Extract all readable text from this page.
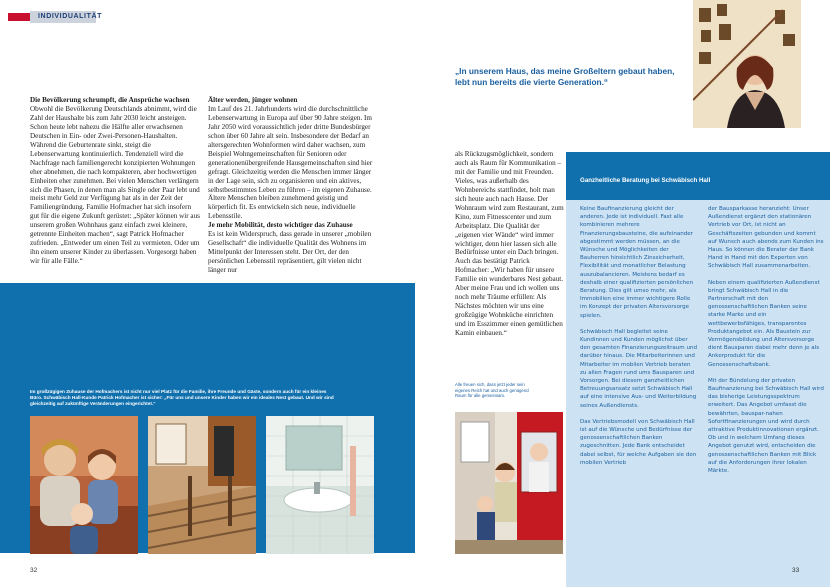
INDIVIDUALITÄT
Die Bevölkerung schrumpft, die Ansprüche wachsen

Obwohl die Bevölkerung Deutschlands abnimmt, wird die Zahl der Haushalte bis zum Jahr 2030 leicht ansteigen. Schon heute lebt nahezu die Hälfte aller erwachsenen Deutschen in Ein- oder Zwei-Personen-Haushalten. Während die Geburtenrate sinkt, steigt die Lebenserwartung kontinuierlich. Tendenziell wird die Nachfrage nach familiengerecht konzipierten Wohnungen eher abnehmen, die nach kompakteren, aber hochwertigen Einheiten eher zunehmen. Bei vielen Menschen verlängern sich die Phasen, in denen man als Single oder Paar lebt und meist mehr Geld zur Verfügung hat als in der Zeit der Familiengründung. Familie Hofmacher hat sich insofern gut für die eigene Zukunft gerüstet: „Später können wir aus unserem großen Wohnhaus ganz einfach zwei kleinere, getrennte Einheiten machen“, sagt Patrick Hofmacher zufrieden. „Entweder um einen Teil zu vermieten. Oder um ihn einem unserer Kinder zu überlassen. Vorgesorgt haben wir für alle Fälle.“

Älter werden, jünger wohnen

Im Lauf des 21. Jahrhunderts wird die durchschnittliche Lebenserwartung in Europa auf über 90 Jahre steigen. Im Jahr 2050 wird voraussichtlich jeder dritte Bundesbürger schon über 60 Jahre alt sein. Insbesondere der Bedarf an altersgerechten Wohnformen wird daher wachsen, zum Beispiel Wohngemeinschaften für Senioren oder generationenübergreifende Hausgemeinschaften sind hier gefragt. Gleichzeitig werden die Menschen immer länger in der Lage sein, sich zu organisieren und ein aktives, selbstbestimmtes Leben zu führen – im eigenen Zuhause. Ältere Menschen bleiben zunehmend geistig und körperlich fit. Es entwickeln sich neue, individuelle Lebensstile.

Je mehr Mobilität, desto wichtiger das Zuhause

Es ist kein Widerspruch, dass gerade in unserer „mobilen Gesellschaft“ die individuelle Qualität des Wohnens im Mittelpunkt der Interessen steht. Der Ort, der den persönlichen Lebensstil repräsentiert, gilt vielen nicht länger nur

Im großzügigen Zuhause der Hofmachers ist nicht nur viel Platz für die Familie, ihre Freunde und Gäste, sondern auch für ein kleines Büro. Schwäbisch Hall-Kunde Patrick Hofmacher ist sicher: „Für uns und unsere Kinder haben wir ein ideales Nest gebaut. Und wir sind gleichzeitig auf zukünftige Veränderungen eingerichtet.“
32
„In unserem Haus, das meine Großeltern gebaut haben, lebt nun bereits die vierte Generation.“

als Rückzugsmöglichkeit, sondern auch als Raum für Kommunikation – mit der Familie und mit Freunden. Vieles, was außerhalb des Wohnbereichs stattfindet, holt man sich heute auch nach Hause. Der Wohnraum wird zum Restaurant, zum Kino, zum Fitnesscenter und zum Arbeitsplatz. Die Qualität der „eigenen vier Wände“ wird immer wichtiger, denn hier lassen sich alle Bedürfnisse unter ein Dach bringen. Auch das bestätigt Patrick Hofmacher: „Wir haben für unsere Familie ein wunderbares Nest gebaut. Aber meine Frau und ich wollen uns noch mehr Träume erfüllen: Als Nächstes möchten wir uns eine großzügige Wohnküche einrichten und im Esszimmer einen gemütlichen Kamin einbauen.“

Alle freuen sich, dass jetzt jeder sein eigenes Reich hat und auch genügend Raum für alle gemeinsam.
Ganzheitliche Beratung bei Schwäbisch Hall

Keine Baufinanzierung gleicht der anderen. Jede ist individuell. Fast alle kombinieren mehrere Finanzierungsbausteine, die aufeinander abgestimmt werden müssen, an die Wünsche und Möglichkeiten der Bauherren hinsichtlich Zinssicherheit, Flexibilität und monatlicher Belastung auszubalancieren. Meistens bedarf es deshalb einer qualifizierten persönlichen Beratung. Dies gilt umso mehr, als Immobilien eine immer wichtigere Rolle im Konzept der privaten Altersvorsorge spielen.

Schwäbisch Hall begleitet seine Kundinnen und Kunden möglichst über den gesamten Finanzierungszeitraum und darüber hinaus. Die Mitarbeiterinnen und Mitarbeiter im mobilen Vertrieb beraten zu allen Fragen rund ums Bausparen und Vorsorgen. Bei diesem ganzheitlichen Betreuungsansatz setzt Schwäbisch Hall auf eine intensive Aus- und Weiterbildung seines Außendiensts.

Das Vertriebsmodell von Schwäbisch Hall ist auf die Wünsche und Bedürfnisse der genossenschaftlichen Banken zugeschnitten. Jede Bank entscheidet dabei selbst, für welche Aufgaben sie den mobilen Vertrieb

der Bausparkasse heranzieht: Unser Außendienst ergänzt den stationären Vertrieb vor Ort, ist nicht an Geschäftszeiten gebunden und kommt auf Wunsch auch abends zum Kunden ins Haus. So können die Berater der Bank Hand in Hand mit den Experten von Schwäbisch Hall zusammenarbeiten.

Neben einem qualifizierten Außendienst bringt Schwäbisch Hall in die Partnerschaft mit den genossenschaftlichen Banken seine starke Marke und ein wettbewerbsfähiges, transparentes Produktangebot ein. Als Baustein zur Vermögensbildung und Altersvorsorge dient Bausparen dabei mehr denn je als Ankerprodukt für die Genossenschaftsbank.

Mit der Bündelung der privaten Baufinanzierung bei Schwäbisch Hall wird das bisherige Leistungsspektrum erweitert. Das Angebot umfasst die bewährten, bauspar-nahen Sofortfinanzierungen und wird durch attraktive Produktinnovationen ergänzt. Ob und in welchem Umfang dieses Angebot genutzt wird, entscheiden die genossenschaftlichen Banken mit Blick auf die Anforderungen ihrer lokalen Märkte.

33
